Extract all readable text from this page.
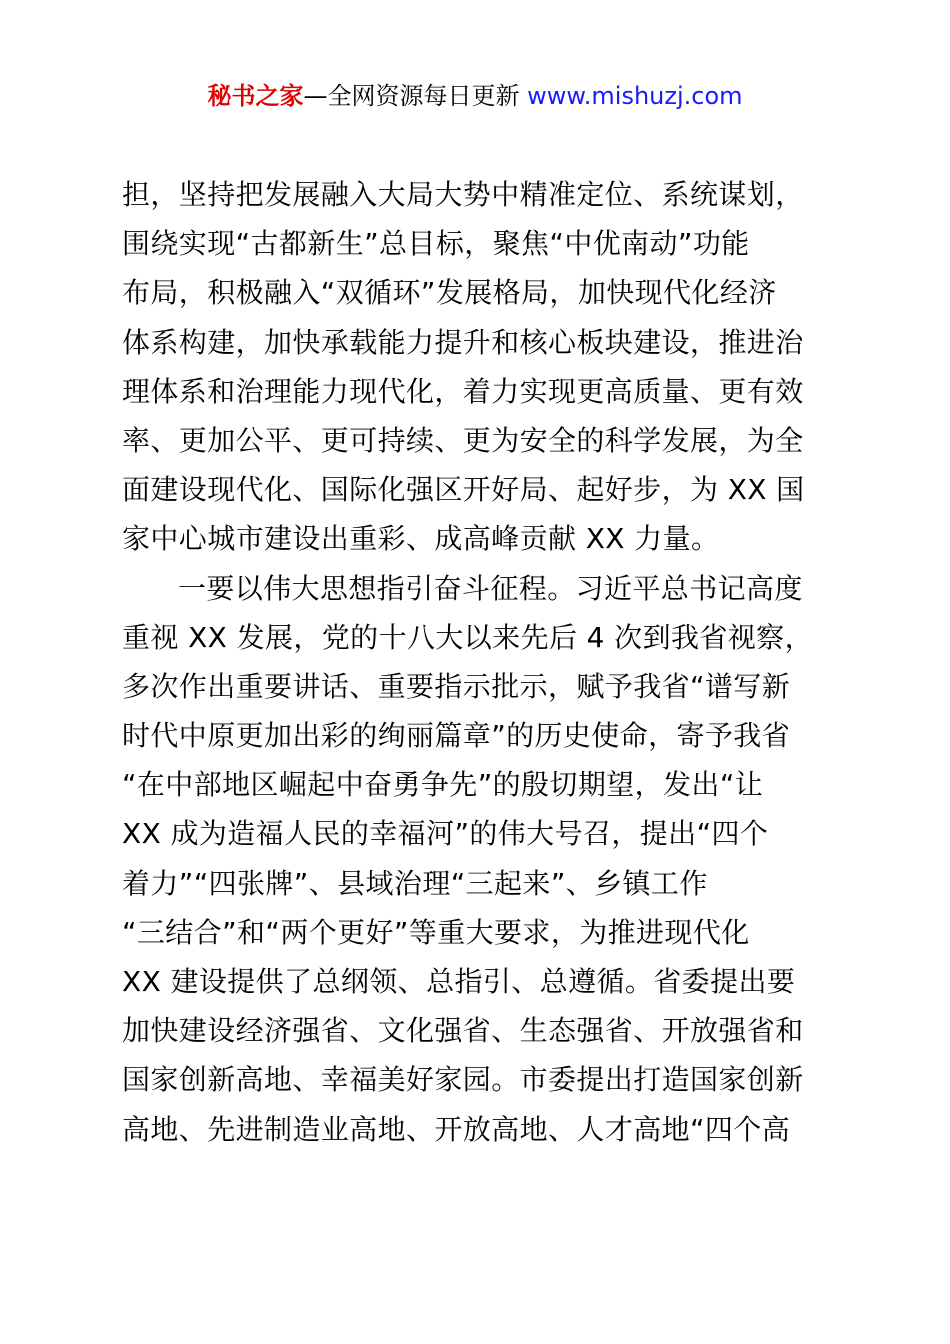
秘书之家—全网资源每日更新 www.mishuzj.com
担，坚持把发展融入大局大势中精准定位、系统谋划，
围绕实现“古都新生”总目标，聚焦“中优南动”功能
布局，积极融入“双循环”发展格局，加快现代化经济
体系构建，加快承载能力提升和核心板块建设，推进治
理体系和治理能力现代化，着力实现更高质量、更有效
率、更加公平、更可持续、更为安全的科学发展，为全
面建设现代化、国际化强区开好局、起好步，为 XX 国
家中心城市建设出重彩、成高峰贡献 XX 力量。
一要以伟大思想指引奋斗征程。习近平总书记高度
重视 XX 发展，党的十八大以来先后 4 次到我省视察，
多次作出重要讲话、重要指示批示，赋予我省“谱写新
时代中原更加出彩的绚丽篇章”的历史使命，寄予我省
“在中部地区崛起中奋勇争先”的殷切期望，发出“让
XX 成为造福人民的幸福河”的伟大号召，提出“四个
着力”“四张牌”、县域治理“三起来”、乡镇工作
“三结合”和“两个更好”等重大要求，为推进现代化
XX 建设提供了总纲领、总指引、总遵循。省委提出要
加快建设经济强省、文化强省、生态强省、开放强省和
国家创新高地、幸福美好家园。市委提出打造国家创新
高地、先进制造业高地、开放高地、人才高地“四个高
